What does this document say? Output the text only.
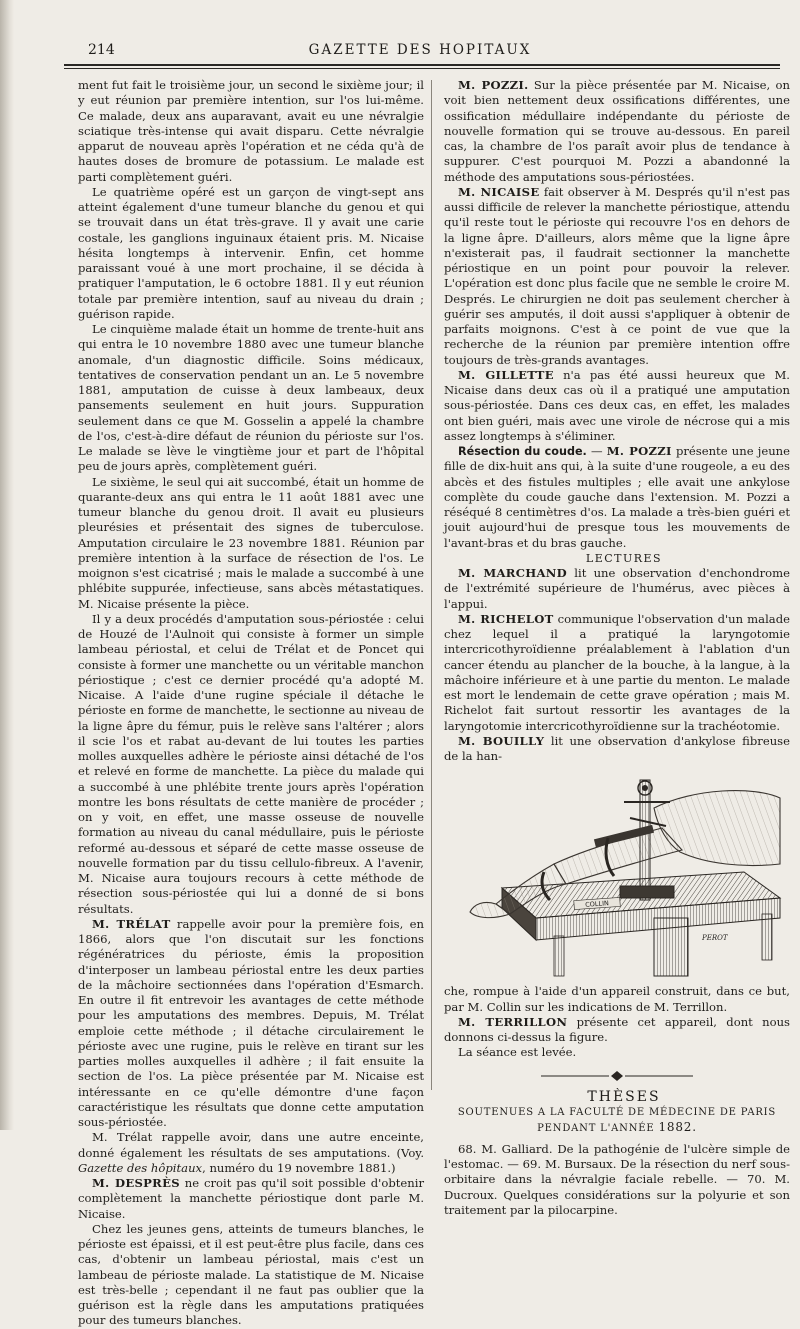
214	GAZETTE DES HOPITAUX

ment fut fait le troisième jour, un second le sixième jour; il y eut réunion par première intention, sur l'os lui-même. Ce malade, deux ans auparavant, avait eu une névralgie sciatique très-intense qui avait disparu. Cette névralgie apparut de nouveau après l'opération et ne céda qu'à de hautes doses de bromure de potassium. Le malade est parti complètement guéri.

Le quatrième opéré est un garçon de vingt-sept ans atteint également d'une tumeur blanche du genou et qui se trouvait dans un état très-grave. Il y avait une carie costale, les ganglions inguinaux étaient pris. M. Nicaise hésita longtemps à intervenir. Enfin, cet homme paraissant voué à une mort prochaine, il se décida à pratiquer l'amputation, le 6 octobre 1881. Il y eut réunion totale par première intention, sauf au niveau du drain ; guérison rapide.

Le cinquième malade était un homme de trente-huit ans qui entra le 10 novembre 1880 avec une tumeur blanche anomale, d'un diagnostic difficile. Soins médicaux, tentatives de conservation pendant un an. Le 5 novembre 1881, amputation de cuisse à deux lambeaux, deux pansements seulement en huit jours. Suppuration seulement dans ce que M. Gosselin a appelé la chambre de l'os, c'est-à-dire défaut de réunion du périoste sur l'os. Le malade se lève le vingtième jour et part de l'hôpital peu de jours après, complètement guéri.

Le sixième, le seul qui ait succombé, était un homme de quarante-deux ans qui entra le 11 août 1881 avec une tumeur blanche du genou droit. Il avait eu plusieurs pleurésies et présentait des signes de tuberculose. Amputation circulaire le 23 novembre 1881. Réunion par première intention à la surface de résection de l'os. Le moignon s'est cicatrisé ; mais le malade a succombé à une phlébite suppurée, infectieuse, sans abcès métastatiques. M. Nicaise présente la pièce.

Il y a deux procédés d'amputation sous-périostée : celui de Houzé de l'Aulnoit qui consiste à former un simple lambeau périostal, et celui de Trélat et de Poncet qui consiste à former une manchette ou un véritable manchon périostique ; c'est ce dernier procédé qu'a adopté M. Nicaise. A l'aide d'une rugine spéciale il détache le périoste en forme de manchette, le sectionne au niveau de la ligne âpre du fémur, puis le relève sans l'altérer ; alors il scie l'os et rabat au-devant de lui toutes les parties molles auxquelles adhère le périoste ainsi détaché de l'os et relevé en forme de manchette. La pièce du malade qui a succombé à une phlébite trente jours après l'opération montre les bons résultats de cette manière de procéder ; on y voit, en effet, une masse osseuse de nouvelle formation au niveau du canal médullaire, puis le périoste reformé au-dessous et séparé de cette masse osseuse de nouvelle formation par du tissu cellulo-fibreux. A l'avenir, M. Nicaise aura toujours recours à cette méthode de résection sous-périostée qui lui a donné de si bons résultats.

M. TRÉLAT rappelle avoir pour la première fois, en 1866, alors que l'on discutait sur les fonctions régénératrices du périoste, émis la proposition d'interposer un lambeau périostal entre les deux parties de la mâchoire sectionnées dans l'opération d'Esmarch. En outre il fit entrevoir les avantages de cette méthode pour les amputations des membres. Depuis, M. Trélat emploie cette méthode ; il détache circulairement le périoste avec une rugine, puis le relève en tirant sur les parties molles auxquelles il adhère ; il fait ensuite la section de l'os. La pièce présentée par M. Nicaise est intéressante en ce qu'elle démontre d'une façon caractéristique les résultats que donne cette amputation sous-périostée.

M. Trélat rappelle avoir, dans une autre enceinte, donné également les résultats de ses amputations. (Voy. Gazette des hôpitaux, numéro du 19 novembre 1881.)

M. DESPRÈS ne croit pas qu'il soit possible d'obtenir complètement la manchette périostique dont parle M. Nicaise.

Chez les jeunes gens, atteints de tumeurs blanches, le périoste est épaissi, et il est peut-être plus facile, dans ces cas, d'obtenir un lambeau périostal, mais c'est un lambeau de périoste malade. La statistique de M. Nicaise est très-belle ; cependant il ne faut pas oublier que la guérison est la règle dans les amputations pratiquées pour des tumeurs blanches.

M. POZZI. Sur la pièce présentée par M. Nicaise, on voit bien nettement deux ossifications différentes, une ossification médullaire indépendante du périoste de nouvelle formation qui se trouve au-dessous. En pareil cas, la chambre de l'os paraît avoir plus de tendance à suppurer. C'est pourquoi M. Pozzi a abandonné la méthode des amputations sous-périostées.

M. NICAISE fait observer à M. Després qu'il n'est pas aussi difficile de relever la manchette périostique, attendu qu'il reste tout le périoste qui recouvre l'os en dehors de la ligne âpre. D'ailleurs, alors même que la ligne âpre n'existerait pas, il faudrait sectionner la manchette périostique en un point pour pouvoir la relever. L'opération est donc plus facile que ne semble le croire M. Després. Le chirurgien ne doit pas seulement chercher à guérir ses amputés, il doit aussi s'appliquer à obtenir de parfaits moignons. C'est à ce point de vue que la recherche de la réunion par première intention offre toujours de très-grands avantages.

M. GILLETTE n'a pas été aussi heureux que M. Nicaise dans deux cas où il a pratiqué une amputation sous-périostée. Dans ces deux cas, en effet, les malades ont bien guéri, mais avec une virole de nécrose qui a mis assez longtemps à s'éliminer.

Résection du coude. — M. POZZI présente une jeune fille de dix-huit ans qui, à la suite d'une rougeole, a eu des abcès et des fistules multiples ; elle avait une ankylose complète du coude gauche dans l'extension. M. Pozzi a réséqué 8 centimètres d'os. La malade a très-bien guéri et jouit aujourd'hui de presque tous les mouvements de l'avant-bras et du bras gauche.

LECTURES

M. MARCHAND lit une observation d'enchondrome de l'extrémité supérieure de l'humérus, avec pièces à l'appui.

M. RICHELOT communique l'observation d'un malade chez lequel il a pratiqué la laryngotomie intercricothyroïdienne préalablement à l'ablation d'un cancer étendu au plancher de la bouche, à la langue, à la mâchoire inférieure et à une partie du menton. Le malade est mort le lendemain de cette grave opération ; mais M. Richelot fait surtout ressortir les avantages de la laryngotomie intercricothyroïdienne sur la trachéotomie.

M. BOUILLY lit une observation d'ankylose fibreuse de la han-

COLLIN
PEROT

che, rompue à l'aide d'un appareil construit, dans ce but, par M. Collin sur les indications de M. Terrillon.

M. TERRILLON présente cet appareil, dont nous donnons ci-dessus la figure.

La séance est levée.

THÈSES

SOUTENUES A LA FACULTÉ DE MÉDECINE DE PARIS
PENDANT L'ANNÉE 1882.

68. M. Galliard. De la pathogénie de l'ulcère simple de l'estomac. — 69. M. Bursaux. De la résection du nerf sous-orbitaire dans la névralgie faciale rebelle. — 70. M. Ducroux. Quelques considérations sur la polyurie et son traitement par la pilocarpine.
